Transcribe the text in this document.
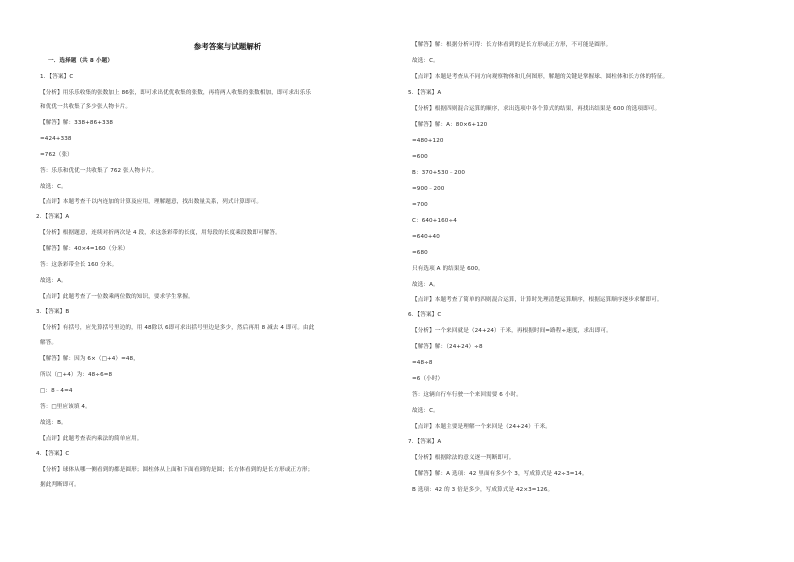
参考答案与试题解析
一．选择题（共 8 小题）
1．【答案】C
【分析】用乐乐收集的张数加上 86张，即可求出优优收集的张数，再将两人收集的张数相加，即可求出乐乐
和优优一共收集了多少张人物卡片。
【解答】解：338+86+338
=424+338
=762（张）
答：乐乐和优优一共收集了 762 张人物卡片。
故选：C。
【点评】本题考查千以内连加的计算及应用，理解题意，找出数量关系，列式计算即可。
2．【答案】A
【分析】根据题意，连续对折两次是 4 段，求这条彩带的长度，用每段的长度乘段数即可解答。
【解答】解：40×4=160（分米）
答：这条彩带全长 160 分米。
故选：A。
【点评】此题考查了一位数乘两位数的知识，要求学生掌握。
3．【答案】B
【分析】有括号，应先算括号里边的，用 48除以 6即可求出括号里边是多少，然后再用 8 减去 4 即可。由此
解答。
【解答】解：因为 6×（□+4）=48，
所以（□+4）为：48÷6=8
□：8﹣4=4
答：□里应该填 4。
故选：B。
【点评】此题考查表内乘法的简单应用。
4．【答案】C
【分析】球体从哪一侧看到的都是圆形；圆柱体从上面和下面看到的是圆；长方体看到的是长方形或正方形；
据此判断即可。
【解答】解：根据分析可得：长方体看到的是长方形或正方形，不可能是圆形。
故选：C。
【点评】本题是考查从不同方向观察物体和几何图形，解题的关键是掌握球、圆柱体和长方体的特征。
5．【答案】A
【分析】根据四则混合运算的顺序，求出选项中各个算式的结果，再找出结果是 600 的选项即可。
【解答】解：A：80×6+120
=480+120
=600
B：370+530﹣200
=900﹣200
=700
C：640+160÷4
=640+40
=680
只有选项 A 的结果是 600。
故选：A。
【点评】本题考查了简单的四则混合运算，计算时先理清楚运算顺序，根据运算顺序逐步求解即可。
6．【答案】C
【分析】一个来回就是（24+24）千米，再根据时间=路程÷速度，求出即可。
【解答】解：（24+24）÷8
=48÷8
=6（小时）
答：这辆自行车行驶一个来回需要 6 小时。
故选：C。
【点评】本题主要是理解一个来回是（24+24）千米。
7．【答案】A
【分析】根据除法的意义逐一判断即可。
【解答】解：A 选项：42 里面有多少个 3，写成算式是 42÷3=14。
B 选项：42 的 3 倍是多少，写成算式是 42×3=126。
